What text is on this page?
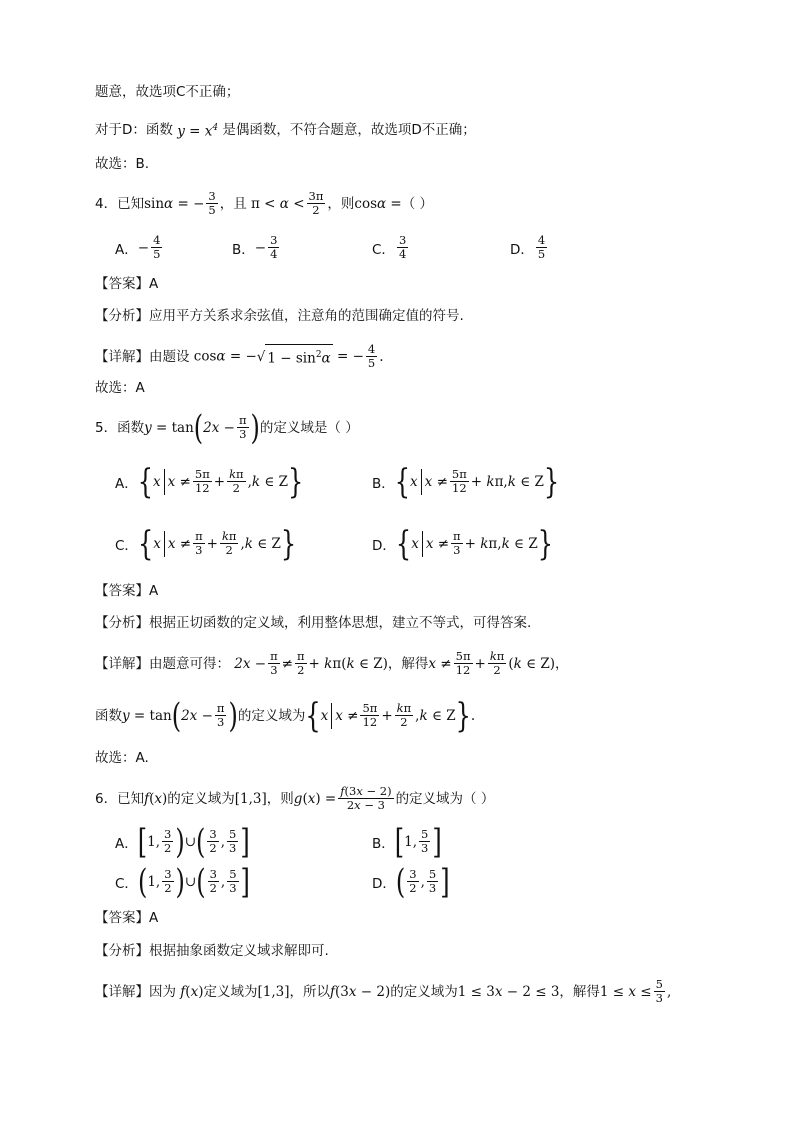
题意，故选项C不正确；
对于D：函数 $y = x^4$ 是偶函数，不符合题意，故选项D不正确；
故选：B.
4．已知 sinα = − $\frac{3}{5}$ ，且 $\pi < \alpha < \frac{3\pi}{2}$ ，则 cosα = （ ）
A． − $\frac{4}{5}$	B． − $\frac{3}{4}$	C． $\frac{3}{4}$	D． $\frac{4}{5}$
【答案】A
【分析】 应用平方关系求余弦值，注意角的范围确定值的符号.
【详解】 由题设 cosα = −√ $1 - \sin^2\alpha$ = − $\frac{4}{5}$ .
故选：A
5．函数 y = tan ( $2x - \frac{\pi}{3}$ ) 的定义域是（ ）
A． { x $x \ne \frac{5\pi}{12} + \frac{k\pi}{2} ,k$ ∈ Z }	B． { x $x \ne \frac{5\pi}{12} + k\pi,k$ ∈ Z }
C． { x $x \ne \frac{\pi}{3} + \frac{k\pi}{2} ,k$ ∈ Z }	D． { x $x \ne \frac{\pi}{3} + k\pi,k$ ∈ Z }
【答案】A
【分析】 根据正切函数的定义域，利用整体思想，建立不等式，可得答案.
【详解】 由题意可得： $2x - \frac{\pi}{3} \ne \frac{\pi}{2} + k\pi(k$ ∈ Z) ，解得 $x \ne \frac{5\pi}{12} + \frac{k\pi}{2} (k$ ∈ Z) ，
函数 y = tan ( $2x - \frac{\pi}{3}$ ) 的定义域为 { x $x \ne \frac{5\pi}{12} + \frac{k\pi}{2} ,k$ ∈ Z } .
故选：A.
6．已知 f (x) 的定义域为 [1,3] ，则 g $(x) = \frac{f(3x - 2)}{2x - 3}$ 的定义域为（ ）
A． [ 1, $\frac{3}{2}$ ) ∪ ( $\frac{3}{2}$ , $\frac{5}{3}$ ]	B． [ 1, $\frac{5}{3}$ ]
C． ( 1, $\frac{3}{2}$ ) ∪ ( $\frac{3}{2}$ , $\frac{5}{3}$ ]	D． ( $\frac{3}{2}$ , $\frac{5}{3}$ ]
【答案】A
【分析】 根据抽象函数定义域求解即可.
【详解】 因为 f (x) 定义域为 [1,3] ，所以 f (3x − 2) 的定义域为 1 ≤ 3x − 2 ≤ 3 ，解得 $1 \le x \le \frac{5}{3}$ ,
